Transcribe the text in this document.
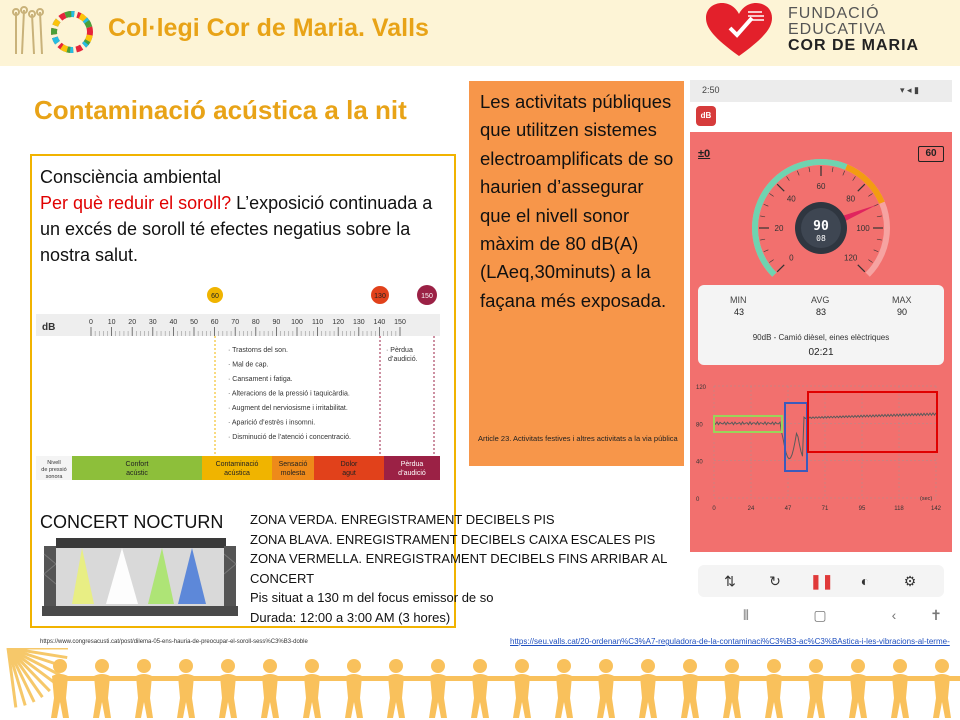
Col·legi Cor de Maria. Valls
FUNDACIÓ
EDUCATIVA
COR DE MARIA
Contaminació acústica a la nit
Consciència ambiental
Per què reduir el soroll? L’exposició continuada a un excés de soroll té efectes negatius sobre la nostra salut.
60	130	150
dB	0 10 20 30 40 50 60 70 80 90 100 110 120 130 140 150
· Trastorns del son.
· Mal de cap.
· Cansament i fatiga.
· Alteracions de la pressió i taquicàrdia.
· Augment del nerviosisme i irritabilitat.
· Aparició d’estrès i insomni.
· Disminució de l’atenció i concentració.
· Pèrdua
d’audició.
Nivell
de pressió
sonora
Confort
acústic
Contaminació
acústica
Sensació
molesta
Dolor
agut
Pèrdua
d’audició
CONCERT NOCTURN ZONA VERDA. ENREGISTRAMENT DECIBELS PIS
ZONA BLAVA. ENREGISTRAMENT DECIBELS CAIXA ESCALES PIS
ZONA VERMELLA. ENREGISTRAMENT DECIBELS FINS ARRIBAR AL CONCERT
Pis situat a 130 m del focus emissor de so
Durada: 12:00 a 3:00 AM (3 hores)
https://www.congresacusti.cat/post/dilema-05-ens-hauria-de-preocupar-el-soroll-sess%C3%B3-doble
Les activitats públiques que utilitzen sistemes electroamplificats de so haurien d’assegurar que el nivell sonor màxim de 80 dB(A) (LAeq,30minuts) a la façana més exposada.
Article 23. Activitats festives i altres activitats a la via pública
https://seu.valls.cat/20-ordenan%C3%A7-reguladora-de-la-contaminaci%C3%B3-ac%C3%BAstica-i-les-vibracions-al-terme-
2:50	▾ ◂ ▮
dB
0
20
40
60
80
100
120
90
08
±0	60
MIN
43
AVG
83
MAX
90
90dB - Camió dièsel, eines elèctriques
02:21
120
80
40
0
0	24	47	71	95	118	142
(sec)
⇅ ↻ ❚❚	◐	⚙
⦀	▢	‹	✝
